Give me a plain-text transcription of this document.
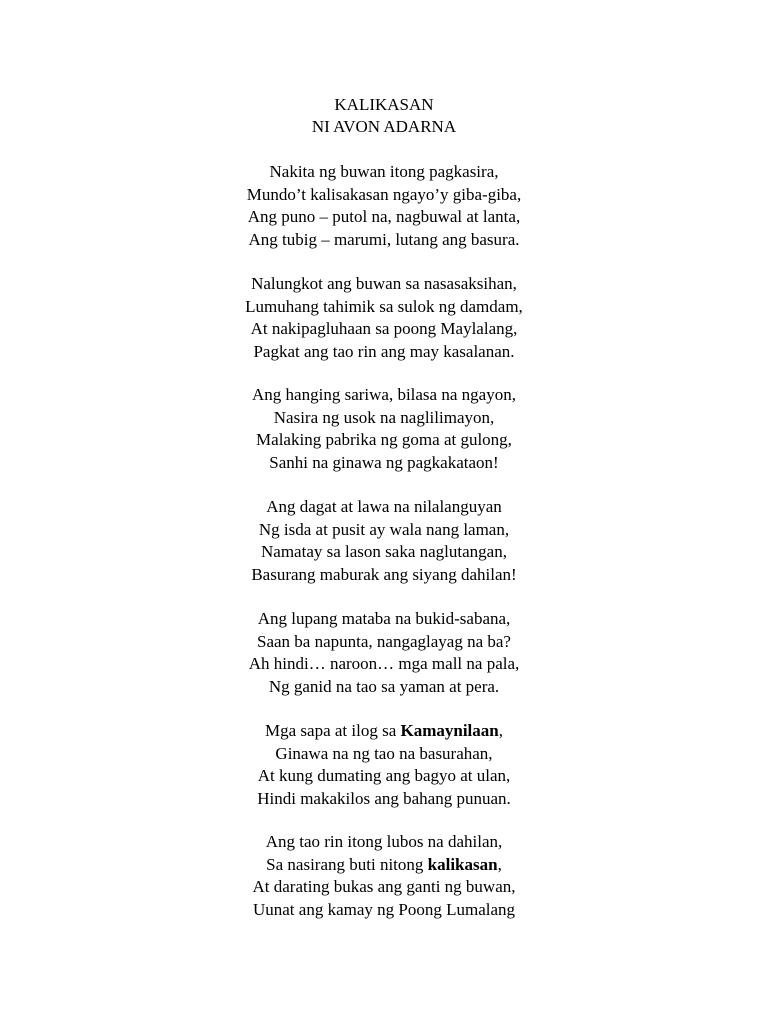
KALIKASAN
NI AVON ADARNA
Nakita ng buwan itong pagkasira,
Mundo’t kalisakasan ngayo’y giba-giba,
Ang puno – putol na, nagbuwal at lanta,
Ang tubig – marumi, lutang ang basura.
Nalungkot ang buwan sa nasasaksihan,
Lumuhang tahimik sa sulok ng damdam,
At nakipagluhaan sa poong Maylalang,
Pagkat ang tao rin ang may kasalanan.
Ang hanging sariwa, bilasa na ngayon,
Nasira ng usok na naglilimayon,
Malaking pabrika ng goma at gulong,
Sanhi na ginawa ng pagkakataon!
Ang dagat at lawa na nilalanguyan
Ng isda at pusit ay wala nang laman,
Namatay sa lason saka naglutangan,
Basurang maburak ang siyang dahilan!
Ang lupang mataba na bukid-sabana,
Saan ba napunta, nangaglayag na ba?
Ah hindi… naroon… mga mall na pala,
Ng ganid na tao sa yaman at pera.
Mga sapa at ilog sa Kamaynilaan,
Ginawa na ng tao na basurahan,
At kung dumating ang bagyo at ulan,
Hindi makakilos ang bahang punuan.
Ang tao rin itong lubos na dahilan,
Sa nasirang buti nitong kalikasan,
At darating bukas ang ganti ng buwan,
Uunat ang kamay ng Poong Lumalang
